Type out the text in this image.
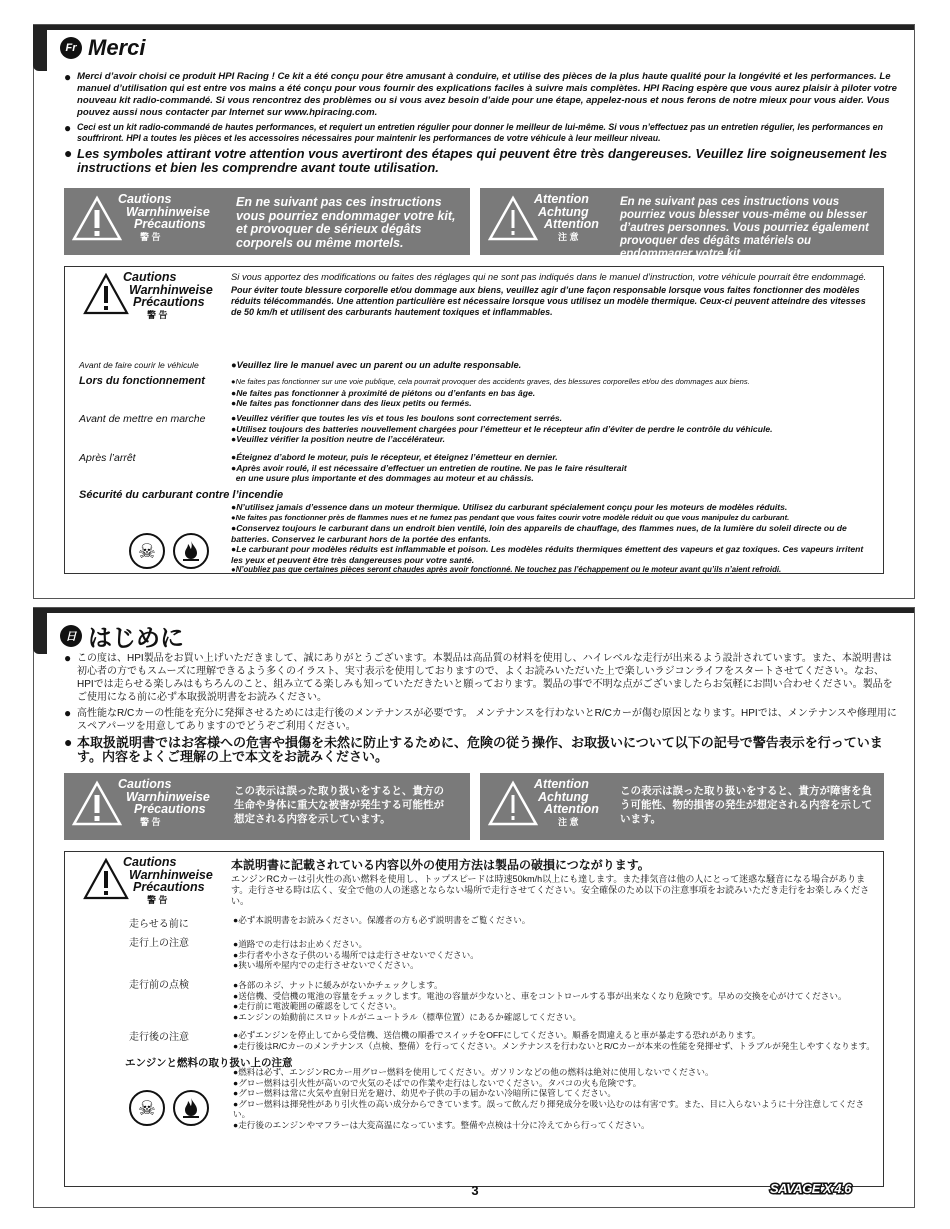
Fr Merci
● Merci d’avoir choisi ce produit HPI Racing ! Ce kit a été conçu pour être amusant à conduire, et utilise des pièces de la plus haute qualité pour la longévité et les performances. Le manuel d’utilisation qui est entre vos mains a été conçu pour vous fournir des explications faciles à suivre mais complètes. HPI Racing espère que vous aurez plaisir à piloter votre nouveau kit radio-commandé. Si vous rencontrez des problèmes ou si vous avez besoin d’aide pour une étape, appelez-nous et nous ferons de notre mieux pour vous aider. Vous pouvez aussi nous contacter par Internet sur www.hpiracing.com.
● Ceci est un kit radio-commandé de hautes performances, et requiert un entretien régulier pour donner le meilleur de lui-même. Si vous n’effectuez pas un entretien régulier, les performances en souffriront. HPI a toutes les pièces et les accessoires nécessaires pour maintenir les performances de votre véhicule à leur meilleur niveau.
● Les symboles attirant votre attention vous avertiront des étapes qui peuvent être très dangereuses. Veuillez lire soigneusement les instructions et bien les comprendre avant toute utilisation.
Cautions
Warnhinweise
Précautions
警 告
En ne suivant pas ces instructions vous pourriez endommager votre kit, et provoquer de sérieux dégâts corporels ou même mortels.
Attention
Achtung
Attention
注 意
En ne suivant pas ces instructions vous pourriez vous blesser vous-même ou blesser d’autres personnes. Vous pourriez également provoquer des dégâts matériels ou endommager votre kit.
Cautions
Warnhinweise
Précautions
警 告
Si vous apportez des modifications ou faites des réglages qui ne sont pas indiqués dans le manuel d’instruction, votre véhicule pourrait être endommagé.
Pour éviter toute blessure corporelle et/ou dommage aux biens, veuillez agir d’une façon responsable lorsque vous faites fonctionner des modèles réduits télécommandés. Une attention particulière est nécessaire lorsque vous utilisez un modèle thermique. Ceux-ci peuvent atteindre des vitesses de 50 km/h et utilisent des carburants hautement toxiques et inflammables.
Avant de faire courir le véhicule	●Veuillez lire le manuel avec un parent ou un adulte responsable.
Lors du fonctionnement	●Ne faites pas fonctionner sur une voie publique, cela pourrait provoquer des accidents graves, des blessures corporelles et/ou des dommages aux biens.
●Ne faites pas fonctionner à proximité de piétons ou d’enfants en bas âge.
●Ne faites pas fonctionner dans des lieux petits ou fermés.
Avant de mettre en marche	●Veuillez vérifier que toutes les vis et tous les boulons sont correctement serrés.
●Utilisez toujours des batteries nouvellement chargées pour l’émetteur et le récepteur afin d’éviter de perdre le contrôle du véhicule.
●Veuillez vérifier la position neutre de l’accélérateur.
Après l’arrêt	●Éteignez d’abord le moteur, puis le récepteur, et éteignez l’émetteur en dernier.
●Après avoir roulé, il est nécessaire d’effectuer un entretien de routine. Ne pas le faire résulterait
en une usure plus importante et des dommages au moteur et au châssis.
Sécurité du carburant contre l’incendie
●N’utilisez jamais d’essence dans un moteur thermique. Utilisez du carburant spécialement conçu pour les moteurs de modèles réduits.
●Ne faites pas fonctionner près de flammes nues et ne fumez pas pendant que vous faites courir votre modèle réduit ou que vous manipulez du carburant.
●Conservez toujours le carburant dans un endroit bien ventilé, loin des appareils de chauffage, des flammes nues, de la lumière du soleil directe ou de batteries. Conservez le carburant hors de la portée des enfants.
●Le carburant pour modèles réduits est inflammable et poison. Les modèles réduits thermiques émettent des vapeurs et gaz toxiques. Ces vapeurs irritent les yeux et peuvent être très dangereuses pour votre santé.
●N’oubliez pas que certaines pièces seront chaudes après avoir fonctionné. Ne touchez pas l’échappement ou le moteur avant qu’ils n’aient refroidi.
☠
日 はじめに
● この度は、HPI製品をお買い上げいただきまして、誠にありがとうございます。本製品は高品質の材料を使用し、ハイレベルな走行が出来るよう設計されています。また、本説明書は初心者の方でもスムーズに理解できるよう多くのイラスト、実寸表示を使用しておりますので、よくお読みいただいた上で楽しいラジコンライフをスタートさせてください。なお、HPIでは走らせる楽しみはもちろんのこと、組み立てる楽しみも知っていただきたいと願っております。製品の事で不明な点がございましたらお気軽にお問い合わせください。製品をご使用になる前に必ず本取扱説明書をお読みください。
● 高性能なR/Cカーの性能を充分に発揮させるためには走行後のメンテナンスが必要です。 メンテナンスを行わないとR/Cカーが傷む原因となります。HPIでは、メンテナンスや修理用にスペアパーツを用意してありますのでどうぞご利用ください。
● 本取扱説明書ではお客様への危害や損傷を未然に防止するために、危険の従う操作、お取扱いについて以下の記号で警告表示を行っています。内容をよくご理解の上で本文をお読みください。
Cautions
Warnhinweise
Précautions
警 告
この表示は誤った取り扱いをすると、貴方の生命や身体に重大な被害が発生する可能性が想定される内容を示しています。
Attention
Achtung
Attention
注 意
この表示は誤った取り扱いをすると、貴方が障害を負う可能性、物的損害の発生が想定される内容を示しています。
Cautions
Warnhinweise
Précautions
警 告
本説明書に記載されている内容以外の使用方法は製品の破損につながります。
エンジンRCカーは引火性の高い燃料を使用し、トップスピードは時速50km/h以上にも達します。また排気音は他の人にとって迷惑な騒音になる場合があります。走行させる時は広く、安全で他の人の迷惑とならない場所で走行させてください。安全確保のため以下の注意事項をお読みいただき走行をお楽しみください。
走らせる前に	●必ず本説明書をお読みください。保護者の方も必ず説明書をご覧ください。
走行上の注意	●道路での走行はお止めください。
●歩行者や小さな子供のいる場所では走行させないでください。
●狭い場所や屋内での走行させないでください。
走行前の点検	●各部のネジ、ナットに緩みがないかチェックします。
●送信機、受信機の電池の容量をチェックします。電池の容量が少ないと、車をコントロールする事が出来なくなり危険です。早めの交換を心がけてください。
●走行前に電波範囲の確認をしてください。
●エンジンの始動前にスロットルがニュートラル（標準位置）にあるか確認してください。
走行後の注意	●必ずエンジンを停止してから受信機、送信機の順番でスイッチをOFFにしてください。順番を間違えると車が暴走する恐れがあります。
●走行後はR/Cカーのメンテナンス（点検、整備）を行ってください。メンテナンスを行わないとR/Cカーが本来の性能を発揮せず、トラブルが発生しやすくなります。
エンジンと燃料の取り扱い上の注意
●燃料は必ず、エンジンRCカー用グロー燃料を使用してください。ガソリンなどの他の燃料は絶対に使用しないでください。
●グロー燃料は引火性が高いので火気のそばでの作業や走行はしないでください。タバコの火も危険です。
●グロー燃料は常に火気や直射日光を避け、幼児や子供の手の届かない冷暗所に保管してください。
●グロー燃料は揮発性があり引火性の高い成分からできています。誤って飲んだり揮発成分を吸い込むのは有害です。また、目に入らないように十分注意してください。
●走行後のエンジンやマフラーは大変高温になっています。整備や点検は十分に冷えてから行ってください。
☠
3	SAVAGE X 4.6
